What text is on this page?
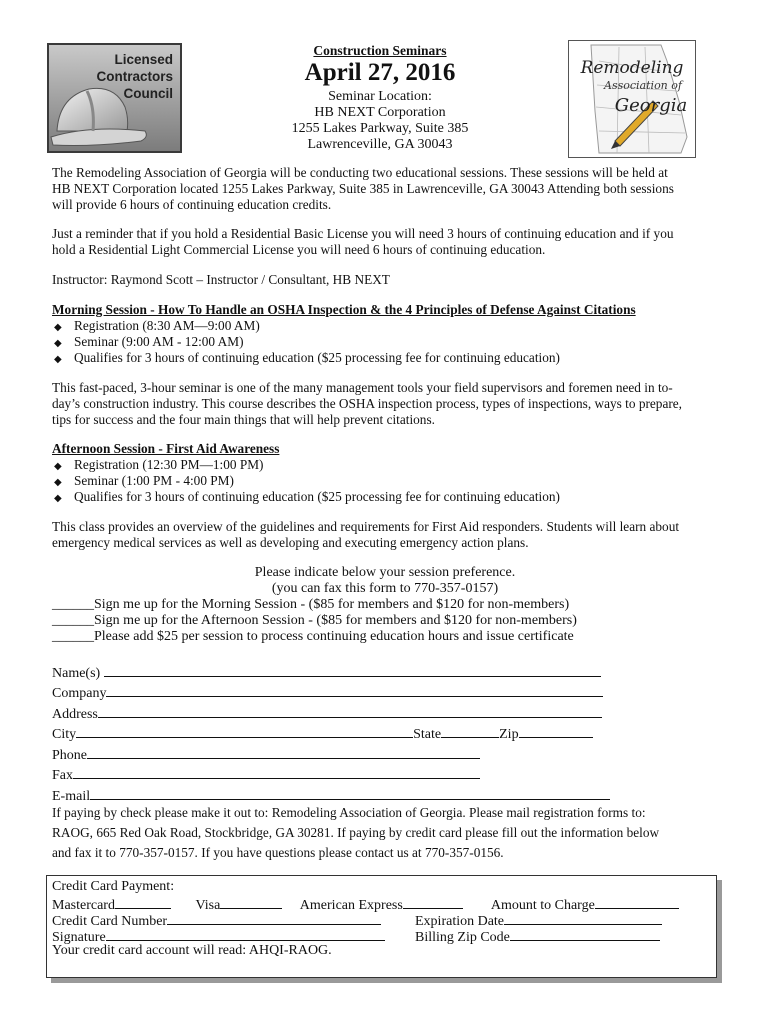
Licensed
Contractors
Council
Construction Seminars
April 27, 2016
Seminar Location:
HB NEXT Corporation
1255 Lakes Parkway, Suite 385
Lawrenceville, GA 30043
Remodeling
Association of
Georgia
The Remodeling Association of Georgia will be conducting two educational sessions. These sessions will be held at
HB NEXT Corporation located 1255 Lakes Parkway, Suite 385 in Lawrenceville, GA 30043 Attending both sessions
will provide 6 hours of continuing education credits.
Just a reminder that if you hold a Residential Basic License you will need 3 hours of continuing education and if you
hold a Residential Light Commercial License you will need 6 hours of continuing education.
Instructor: Raymond Scott – Instructor / Consultant, HB NEXT
Morning Session - How To Handle an OSHA Inspection & the 4 Principles of Defense Against Citations
◆ Registration (8:30 AM—9:00 AM)
◆ Seminar (9:00 AM - 12:00 AM)
◆ Qualifies for 3 hours of continuing education ($25 processing fee for continuing education)
This fast-paced, 3-hour seminar is one of the many management tools your field supervisors and foremen need in to-
day’s construction industry. This course describes the OSHA inspection process, types of inspections, ways to prepare,
tips for success and the four main things that will help prevent citations.
Afternoon Session - First Aid Awareness
◆ Registration (12:30 PM—1:00 PM)
◆ Seminar (1:00 PM - 4:00 PM)
◆ Qualifies for 3 hours of continuing education ($25 processing fee for continuing education)
This class provides an overview of the guidelines and requirements for First Aid responders. Students will learn about
emergency medical services as well as developing and executing emergency action plans.
Please indicate below your session preference.
(you can fax this form to 770-357-0157)
______Sign me up for the Morning Session - ($85 for members and $120 for non-members)
______Sign me up for the Afternoon Session - ($85 for members and $120 for non-members)
______Please add $25 per session to process continuing education hours and issue certificate
Name(s)
Company
Address
City	State	Zip
Phone
Fax
E-mail
If paying by check please make it out to: Remodeling Association of Georgia. Please mail registration forms to:
RAOG, 665 Red Oak Road, Stockbridge, GA 30281. If paying by credit card please fill out the information below
and fax it to 770-357-0157. If you have questions please contact us at 770-357-0156.
Credit Card Payment:
Mastercard	Visa	American Express	Amount to Charge
Credit Card Number	Expiration Date
Signature	Billing Zip Code
Your credit card account will read: AHQI-RAOG.
